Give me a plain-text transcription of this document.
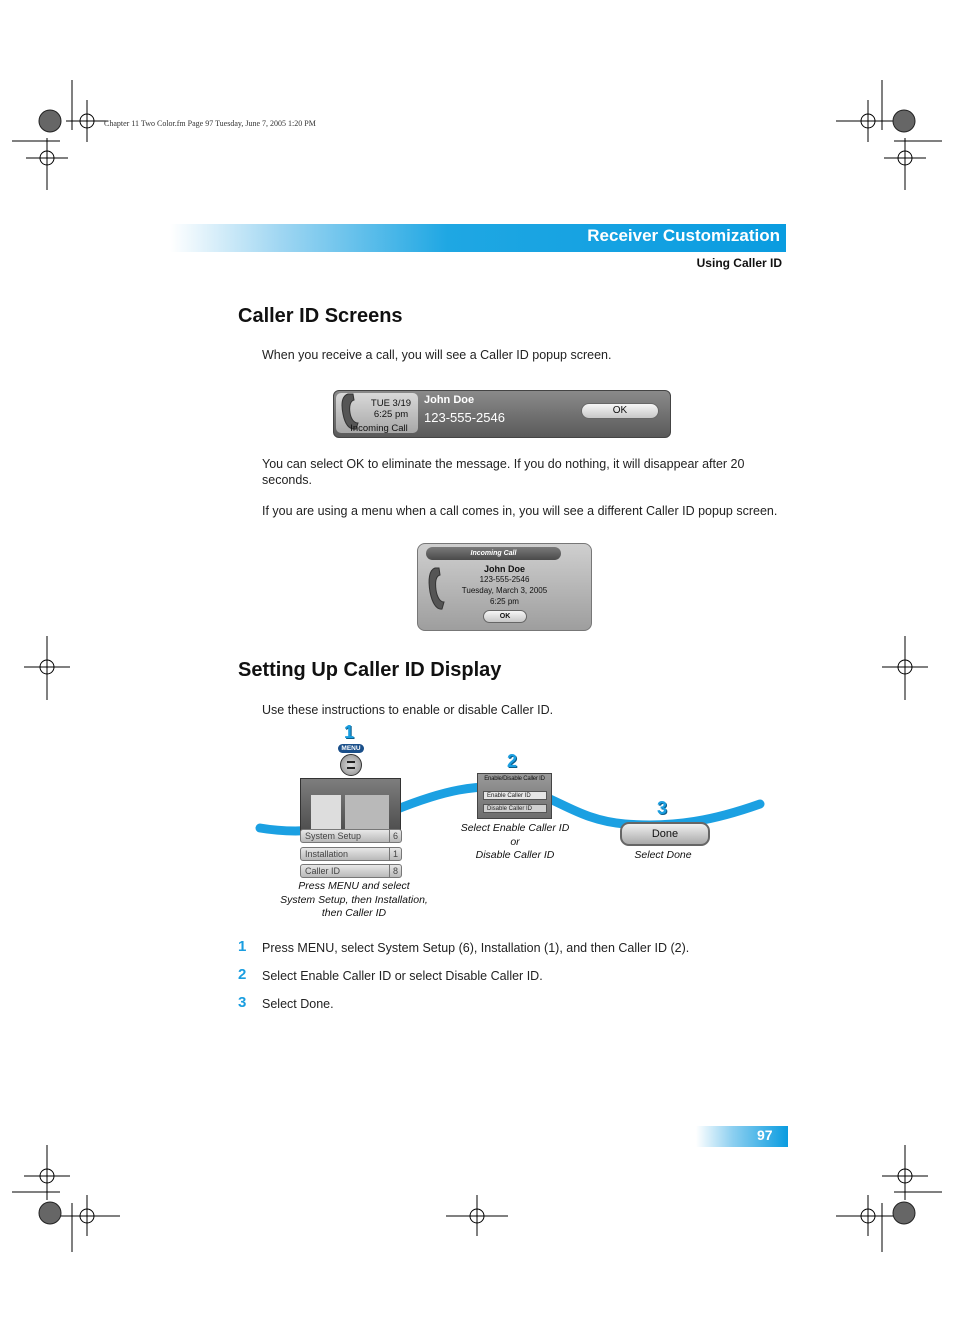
Chapter 11 Two Color.fm Page 97 Tuesday, June 7, 2005 1:20 PM
Receiver Customization
Using Caller ID
Caller ID Screens
When you receive a call, you will see a Caller ID popup screen.
TUE 3/19
6:25 pm
Incoming Call
John Doe
123-555-2546	OK
You can select OK to eliminate the message. If you do nothing, it will disappear after 20 seconds.
If you are using a menu when a call comes in, you will see a different Caller ID popup screen.
John Doe
123-555-2546
Tuesday, March 3, 2005
6:25 pm
Incoming Call
OK
Setting Up Caller ID Display
Use these instructions to enable or disable Caller ID.
1
MENU
System Setup	6
Installation	1
Caller ID	8
Press MENU and select
System Setup, then Installation,
then Caller ID
2
Enable/Disable Caller ID
Enable Caller ID
Disable Caller ID
Select Enable Caller ID
or
Disable Caller ID
3
Done
Select Done
1 Press MENU, select System Setup (6), Installation (1), and then Caller ID (2).
2 Select Enable Caller ID or select Disable Caller ID.
3 Select Done.
97
